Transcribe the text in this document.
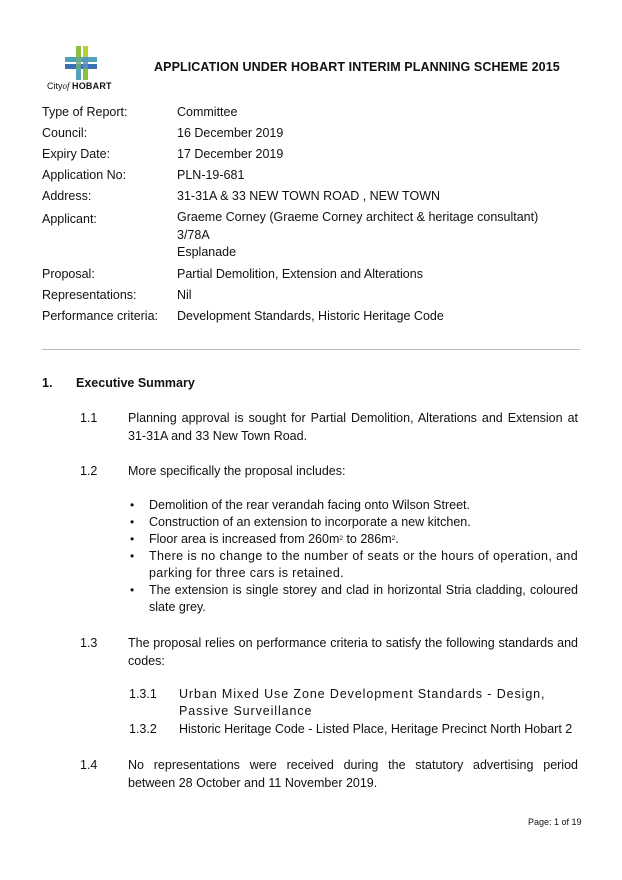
Cityof HOBART
APPLICATION UNDER HOBART INTERIM PLANNING SCHEME 2015
Type of Report:	Committee
Council:	16 December 2019
Expiry Date:	17 December 2019
Application No:	PLN-19-681
Address:	31-31A & 33 NEW TOWN ROAD , NEW TOWN
Applicant:	Graeme Corney (Graeme Corney architect & heritage consultant)
3/78A
Esplanade
Proposal:	Partial Demolition, Extension and Alterations
Representations:	Nil
Performance criteria:	Development Standards, Historic Heritage Code
1.	Executive Summary
1.1	Planning approval is sought for Partial Demolition, Alterations and Extension at 31-31A and 33 New Town Road.
1.2	More specifically the proposal includes:
• Demolition of the rear verandah facing onto Wilson Street.
• Construction of an extension to incorporate a new kitchen.
• Floor area is increased from $260m^2$ to $286m^2$.
• There is no change to the number of seats or the hours of operation, and parking for three cars is retained.
• The extension is single storey and clad in horizontal Stria cladding, coloured slate grey.
1.3	The proposal relies on performance criteria to satisfy the following standards and codes:
1.3.1	Urban Mixed Use Zone Development Standards - Design, Passive Surveillance
1.3.2	Historic Heritage Code - Listed Place, Heritage Precinct North Hobart 2
1.4	No representations were received during the statutory advertising period between 28 October and 11 November 2019.
Page: 1 of 19
